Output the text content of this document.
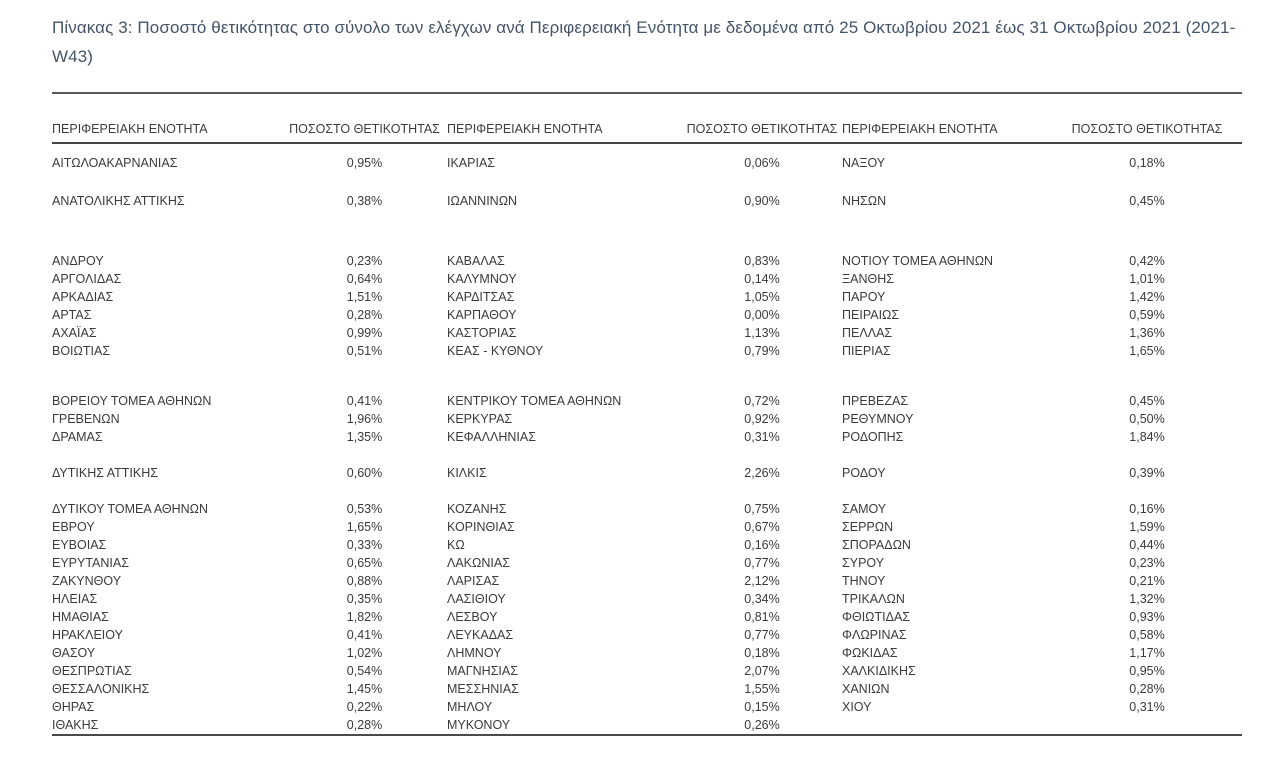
Πίνακας 3: Ποσοστό θετικότητας στο σύνολο των ελέγχων ανά Περιφερειακή Ενότητα με δεδομένα από 25 Οκτωβρίου 2021 έως 31 Οκτωβρίου 2021 (2021-W43)
ΠΕΡΙΦΕΡΕΙΑΚΗ ΕΝΟΤΗΤΑ	ΠΟΣΟΣΤΟ ΘΕΤΙΚΟΤΗΤΑΣ	ΠΕΡΙΦΕΡΕΙΑΚΗ ΕΝΟΤΗΤΑ	ΠΟΣΟΣΤΟ ΘΕΤΙΚΟΤΗΤΑΣ	ΠΕΡΙΦΕΡΕΙΑΚΗ ΕΝΟΤΗΤΑ	ΠΟΣΟΣΤΟ ΘΕΤΙΚΟΤΗΤΑΣ
ΑΙΤΩΛΟΑΚΑΡΝΑΝΙΑΣ	0,95%	ΙΚΑΡΙΑΣ	0,06%	ΝΑΞΟΥ	0,18%
ΑΝΑΤΟΛΙΚΗΣ ΑΤΤΙΚΗΣ	0,38%	ΙΩΑΝΝΙΝΩΝ	0,90%	ΝΗΣΩΝ	0,45%

ΑΝΔΡΟΥ	0,23%	ΚΑΒΑΛΑΣ	0,83%	ΝΟΤΙΟΥ ΤΟΜΕΑ ΑΘΗΝΩΝ	0,42%
ΑΡΓΟΛΙΔΑΣ	0,64%	ΚΑΛΥΜΝΟΥ	0,14%	ΞΑΝΘΗΣ	1,01%
ΑΡΚΑΔΙΑΣ	1,51%	ΚΑΡΔΙΤΣΑΣ	1,05%	ΠΑΡΟΥ	1,42%
ΑΡΤΑΣ	0,28%	ΚΑΡΠΑΘΟΥ	0,00%	ΠΕΙΡΑΙΩΣ	0,59%
ΑΧΑΪΑΣ	0,99%	ΚΑΣΤΟΡΙΑΣ	1,13%	ΠΕΛΛΑΣ	1,36%
ΒΟΙΩΤΙΑΣ	0,51%	ΚΕΑΣ - ΚΥΘΝΟΥ	0,79%	ΠΙΕΡΙΑΣ	1,65%

ΒΟΡΕΙΟΥ ΤΟΜΕΑ ΑΘΗΝΩΝ	0,41%	ΚΕΝΤΡΙΚΟΥ ΤΟΜΕΑ ΑΘΗΝΩΝ	0,72%	ΠΡΕΒΕΖΑΣ	0,45%
ΓΡΕΒΕΝΩΝ	1,96%	ΚΕΡΚΥΡΑΣ	0,92%	ΡΕΘΥΜΝΟΥ	0,50%
ΔΡΑΜΑΣ	1,35%	ΚΕΦΑΛΛΗΝΙΑΣ	0,31%	ΡΟΔΟΠΗΣ	1,84%

ΔΥΤΙΚΗΣ ΑΤΤΙΚΗΣ	0,60%	ΚΙΛΚΙΣ	2,26%	ΡΟΔΟΥ	0,39%

ΔΥΤΙΚΟΥ ΤΟΜΕΑ ΑΘΗΝΩΝ	0,53%	ΚΟΖΑΝΗΣ	0,75%	ΣΑΜΟΥ	0,16%
ΕΒΡΟΥ	1,65%	ΚΟΡΙΝΘΙΑΣ	0,67%	ΣΕΡΡΩΝ	1,59%
ΕΥΒΟΙΑΣ	0,33%	ΚΩ	0,16%	ΣΠΟΡΑΔΩΝ	0,44%
ΕΥΡΥΤΑΝΙΑΣ	0,65%	ΛΑΚΩΝΙΑΣ	0,77%	ΣΥΡΟΥ	0,23%
ΖΑΚΥΝΘΟΥ	0,88%	ΛΑΡΙΣΑΣ	2,12%	ΤΗΝΟΥ	0,21%
ΗΛΕΙΑΣ	0,35%	ΛΑΣΙΘΙΟΥ	0,34%	ΤΡΙΚΑΛΩΝ	1,32%
ΗΜΑΘΙΑΣ	1,82%	ΛΕΣΒΟΥ	0,81%	ΦΘΙΩΤΙΔΑΣ	0,93%
ΗΡΑΚΛΕΙΟΥ	0,41%	ΛΕΥΚΑΔΑΣ	0,77%	ΦΛΩΡΙΝΑΣ	0,58%
ΘΑΣΟΥ	1,02%	ΛΗΜΝΟΥ	0,18%	ΦΩΚΙΔΑΣ	1,17%
ΘΕΣΠΡΩΤΙΑΣ	0,54%	ΜΑΓΝΗΣΙΑΣ	2,07%	ΧΑΛΚΙΔΙΚΗΣ	0,95%
ΘΕΣΣΑΛΟΝΙΚΗΣ	1,45%	ΜΕΣΣΗΝΙΑΣ	1,55%	ΧΑΝΙΩΝ	0,28%
ΘΗΡΑΣ	0,22%	ΜΗΛΟΥ	0,15%	ΧΙΟΥ	0,31%
ΙΘΑΚΗΣ	0,28%	ΜΥΚΟΝΟΥ	0,26%		
